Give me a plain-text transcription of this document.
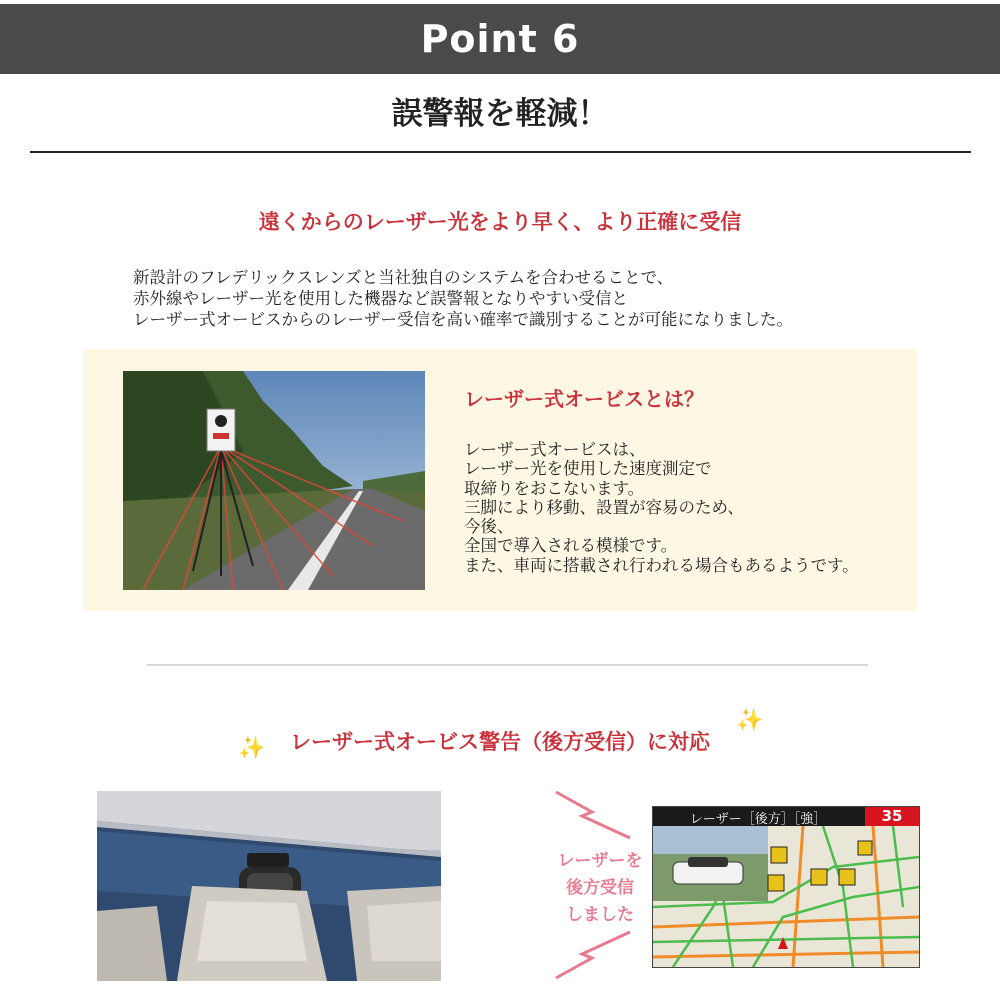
Point 6
誤警報を軽減！
遠くからのレーザー光をより早く、より正確に受信
新設計のフレデリックスレンズと当社独自のシステムを合わせることで、
赤外線やレーザー光を使用した機器など誤警報となりやすい受信と
レーザー式オービスからのレーザー受信を高い確率で識別することが可能になりました。
レーザー式オービスとは？
レーザー式オービスは、
レーザー光を使用した速度測定で
取締りをおこないます。
三脚により移動、設置が容易のため、
今後、
全国で導入される模様です。
また、車両に搭載され行われる場合もあるようです。
✨	レーザー式オービス警告（後方受信）に対応
✨
レーザーを
後方受信
しました
レーザー［後方］［強］	35
